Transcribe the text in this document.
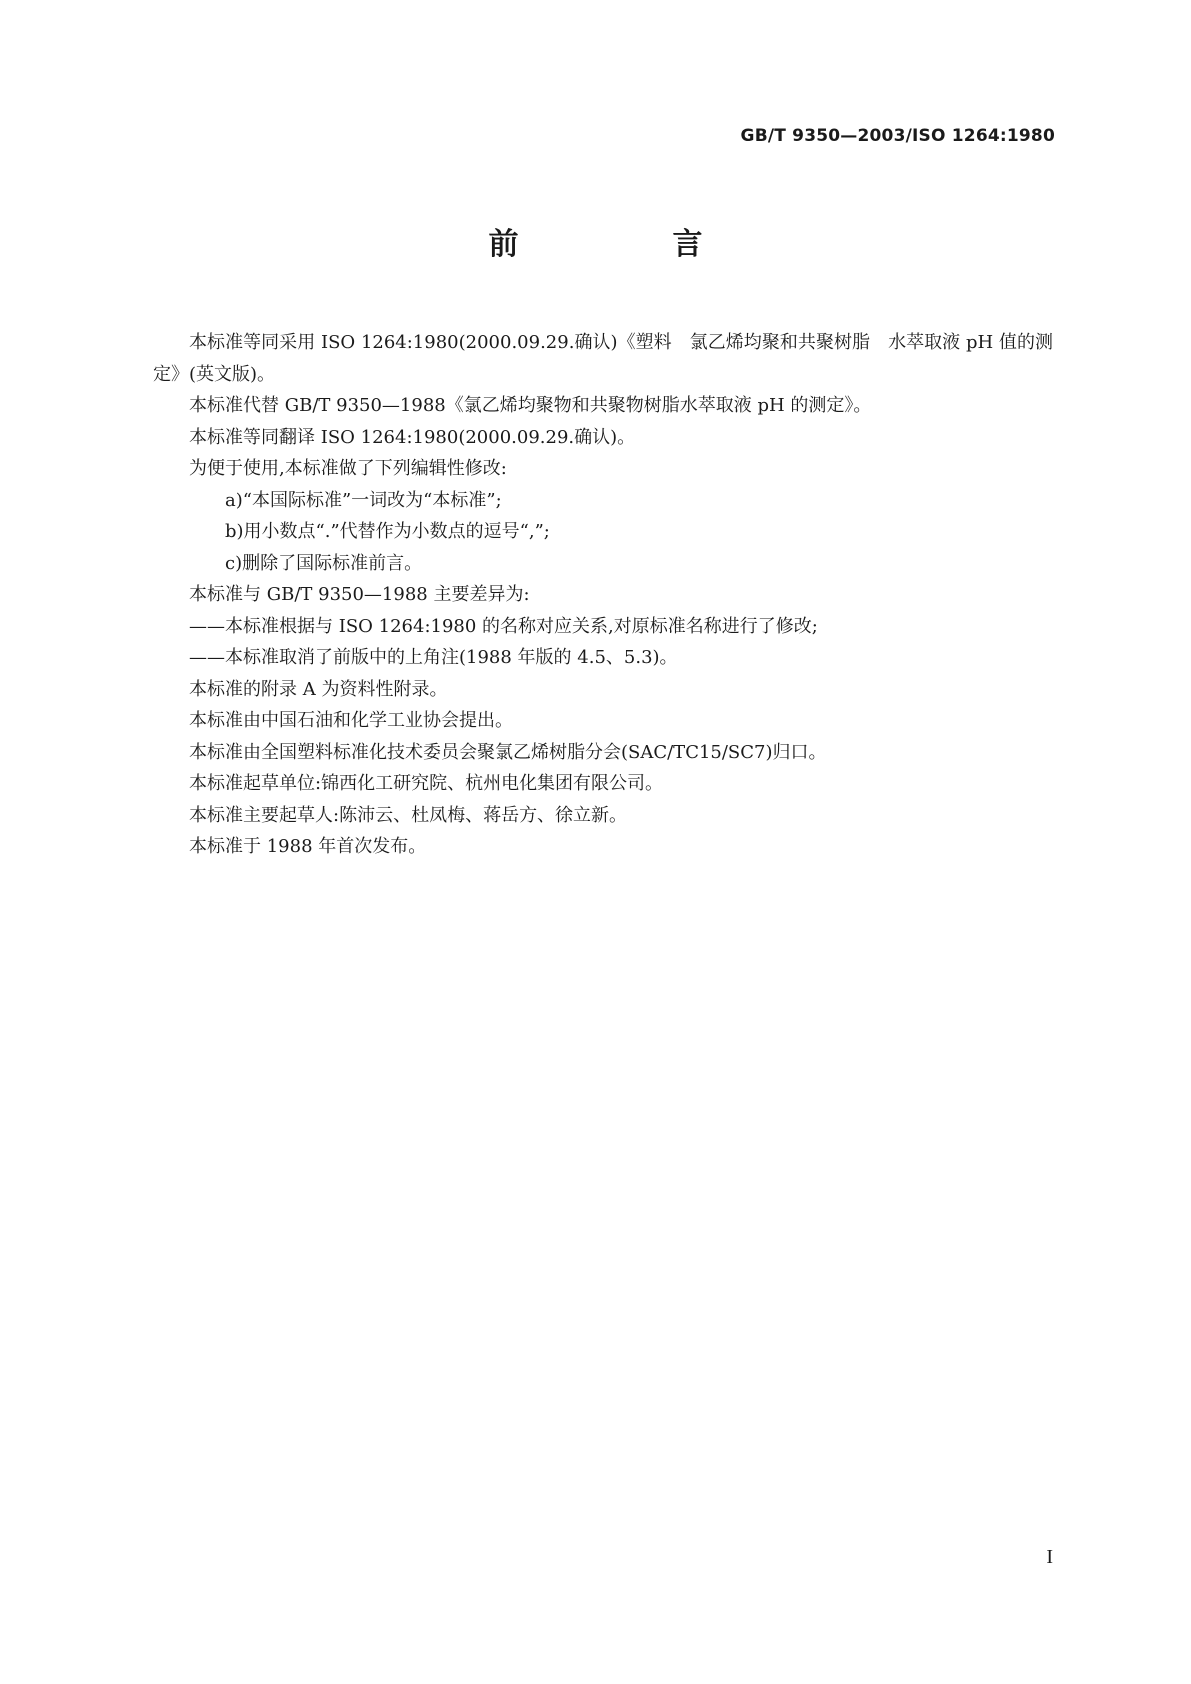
GB/T 9350—2003/ISO 1264:1980
前　言

本标准等同采用 ISO 1264:1980(2000.09.29.确认)《塑料　氯乙烯均聚和共聚树脂　水萃取液 pH 值的测定》(英文版)。

本标准代替 GB/T 9350—1988《氯乙烯均聚物和共聚物树脂水萃取液 pH 的测定》。

本标准等同翻译 ISO 1264:1980(2000.09.29.确认)。

为便于使用,本标准做了下列编辑性修改:

a)“本国际标准”一词改为“本标准”;

b)用小数点“.”代替作为小数点的逗号“,”;

c)删除了国际标准前言。

本标准与 GB/T 9350—1988 主要差异为:

——本标准根据与 ISO 1264:1980 的名称对应关系,对原标准名称进行了修改;

——本标准取消了前版中的上角注(1988 年版的 4.5、5.3)。

本标准的附录 A 为资料性附录。

本标准由中国石油和化学工业协会提出。

本标准由全国塑料标准化技术委员会聚氯乙烯树脂分会(SAC/TC15/SC7)归口。

本标准起草单位:锦西化工研究院、杭州电化集团有限公司。

本标准主要起草人:陈沛云、杜凤梅、蒋岳方、徐立新。

本标准于 1988 年首次发布。

I
